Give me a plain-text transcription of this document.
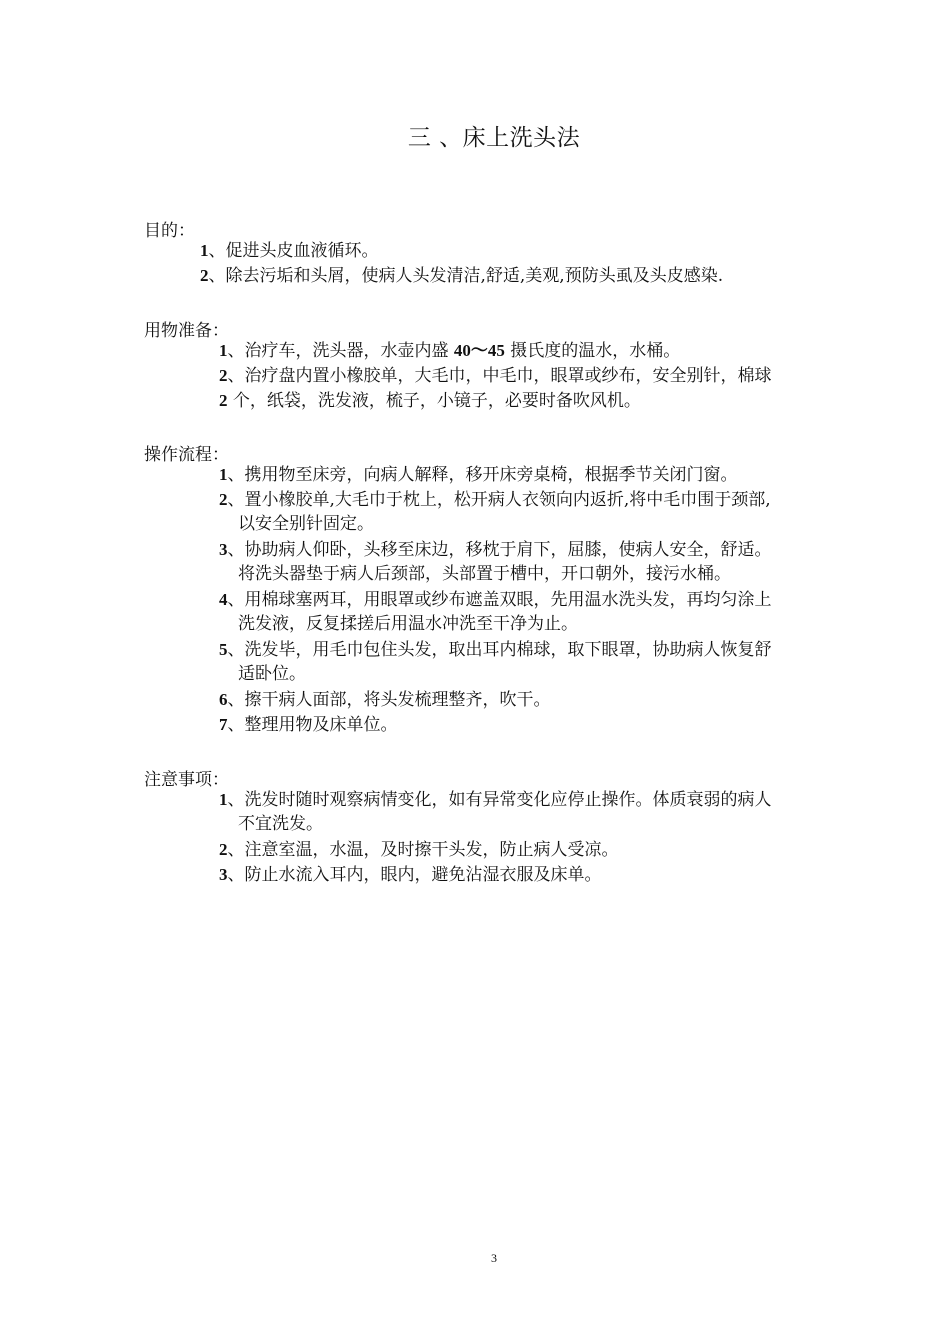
三 、床上洗头法
目的：
1、促进头皮血液循环。
2、除去污垢和头屑，使病人头发清洁,舒适,美观,预防头虱及头皮感染.
用物准备：
1、治疗车，洗头器，水壶内盛 40～45 摄氏度的温水，水桶。
2、治疗盘内置小橡胶单，大毛巾，中毛巾，眼罩或纱布，安全别针，棉球
2 个，纸袋，洗发液，梳子，小镜子，必要时备吹风机。
操作流程：
1、携用物至床旁，向病人解释，移开床旁桌椅，根据季节关闭门窗。
2、置小橡胶单,大毛巾于枕上，松开病人衣领向内返折,将中毛巾围于颈部,
以安全别针固定。
3、协助病人仰卧，头移至床边，移枕于肩下，屈膝，使病人安全，舒适。
将洗头器垫于病人后颈部，头部置于槽中，开口朝外，接污水桶。
4、用棉球塞两耳，用眼罩或纱布遮盖双眼，先用温水洗头发，再均匀涂上
洗发液，反复揉搓后用温水冲洗至干净为止。
5、洗发毕，用毛巾包住头发，取出耳内棉球，取下眼罩，协助病人恢复舒
适卧位。
6、擦干病人面部，将头发梳理整齐，吹干。
7、整理用物及床单位。
注意事项：
1、洗发时随时观察病情变化，如有异常变化应停止操作。体质衰弱的病人
不宜洗发。
2、注意室温，水温，及时擦干头发，防止病人受凉。
3、防止水流入耳内，眼内，避免沾湿衣服及床单。
3
